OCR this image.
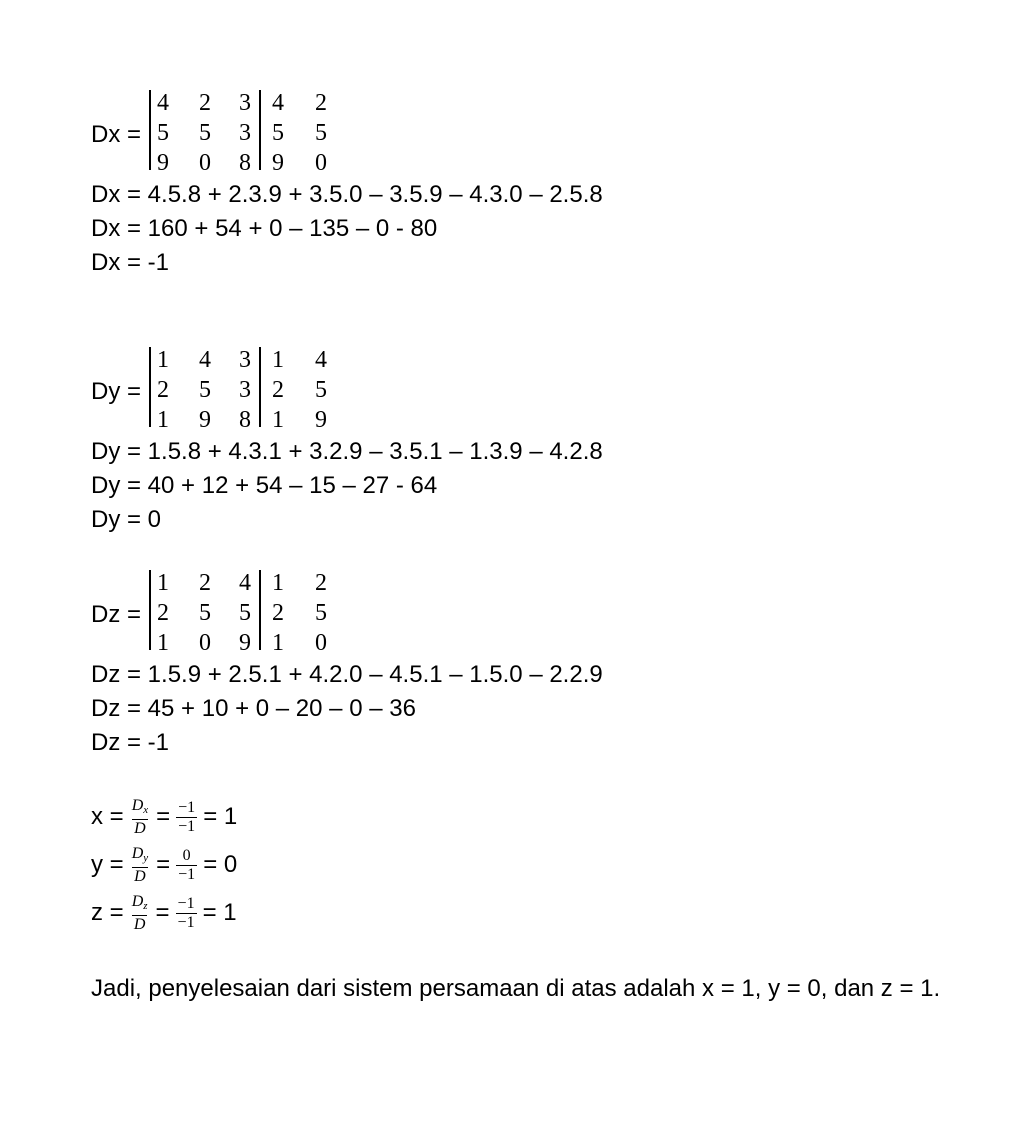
Dx =
4 2 3 4 2
5 5 3 5 5
9 0 8 9 0
Dx = 4.5.8 + 2.3.9 + 3.5.0 – 3.5.9 – 4.3.0 – 2.5.8
Dx = 160 + 54 + 0 – 135 – 0 - 80
Dx = -1
Dy =
1 4 3 1 4
2 5 3 2 5
1 9 8 1 9
Dy = 1.5.8 + 4.3.1 + 3.2.9 – 3.5.1 – 1.3.9 – 4.2.8
Dy = 40 + 12 + 54 – 15 – 27 - 64
Dy = 0
Dz =
1 2 4 1 2
2 5 5 2 5
1 0 9 1 0
Dz = 1.5.9 + 2.5.1 + 4.2.0 – 4.5.1 – 1.5.0 – 2.2.9
Dz = 45 + 10 + 0 – 20 – 0 – 36
Dz = -1
$x = \frac{D_x}{D} = \frac{-1}{-1} = 1$
$y = \frac{D_y}{D} = \frac{0}{-1} = 0$
$z = \frac{D_z}{D} = \frac{-1}{-1} = 1$
Jadi, penyelesaian dari sistem persamaan di atas adalah x = 1, y = 0, dan z = 1.
